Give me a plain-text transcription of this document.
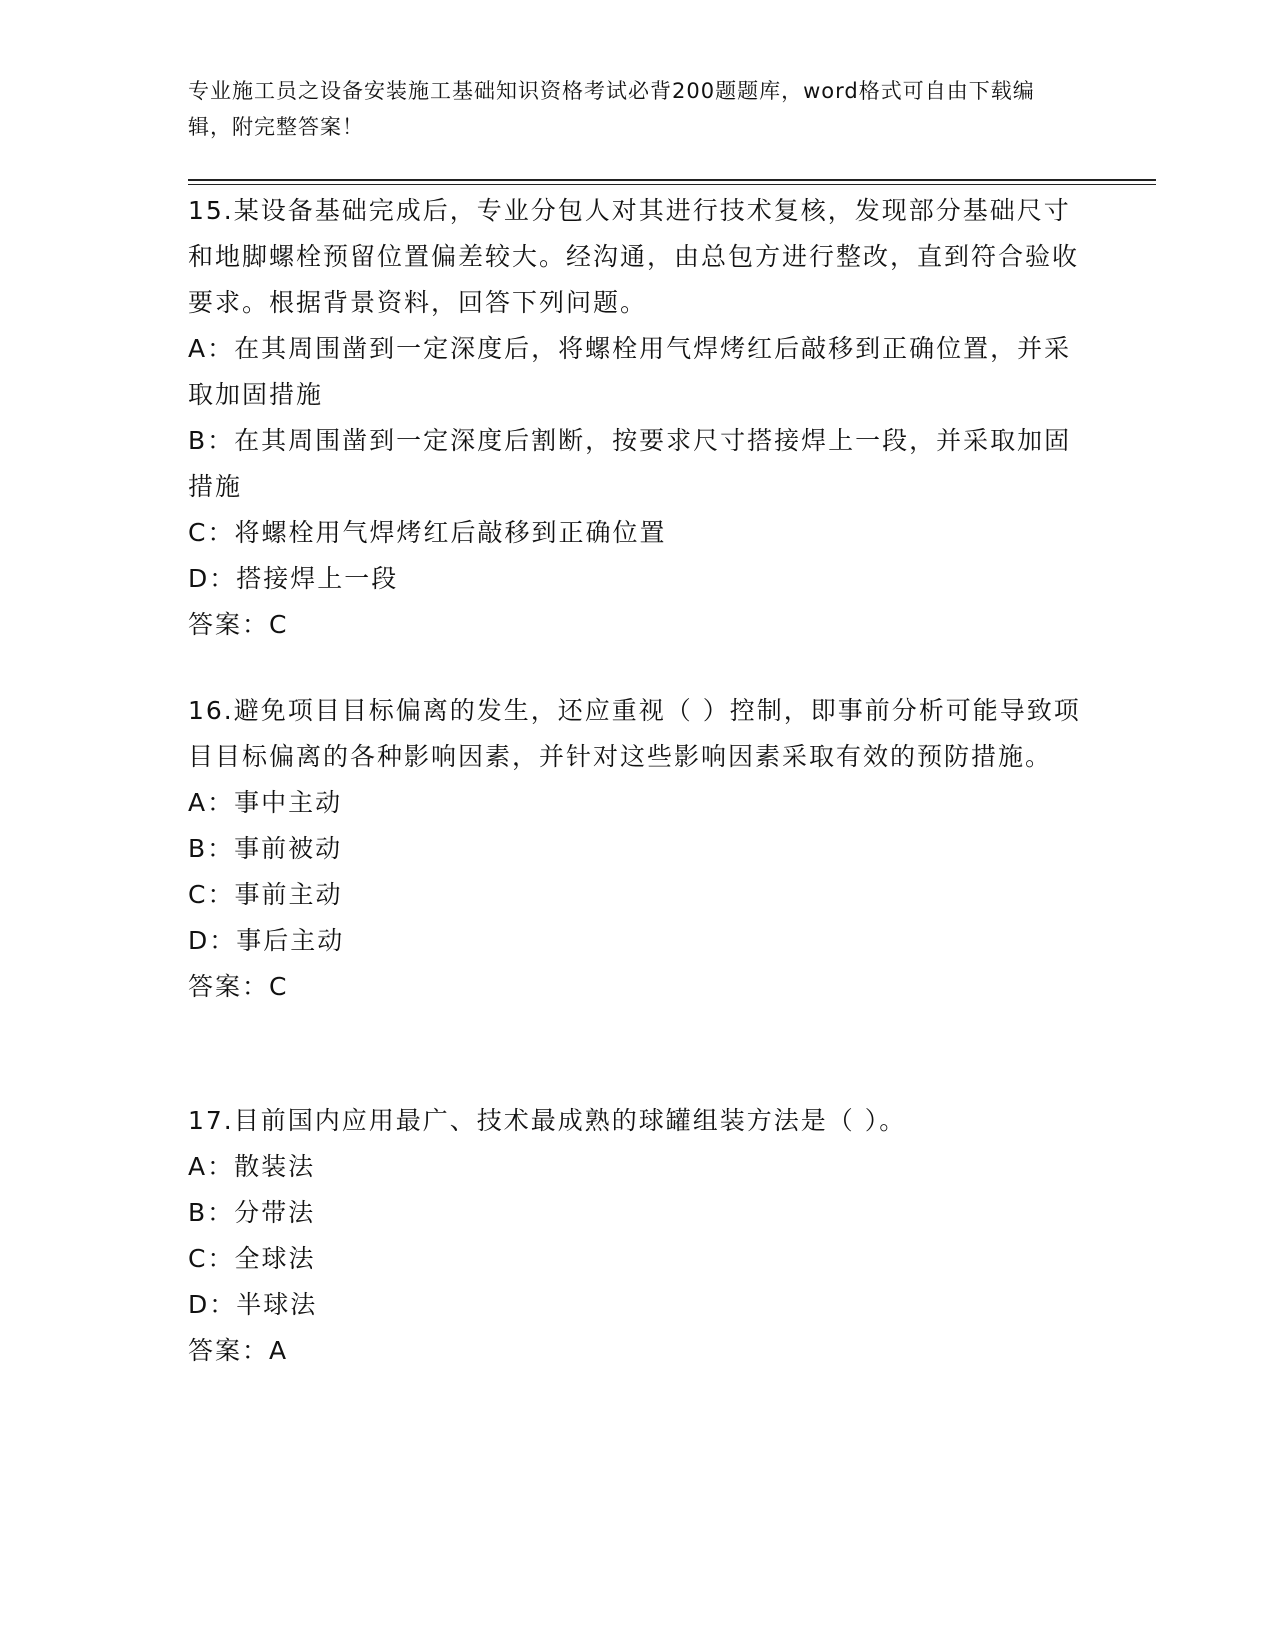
专业施工员之设备安装施工基础知识资格考试必背200题题库，word格式可自由下载编辑，附完整答案！

15.某设备基础完成后，专业分包人对其进行技术复核，发现部分基础尺寸和地脚螺栓预留位置偏差较大。经沟通，由总包方进行整改，直到符合验收要求。根据背景资料，回答下列问题。

A：在其周围凿到一定深度后，将螺栓用气焊烤红后敲移到正确位置，并采取加固措施

B：在其周围凿到一定深度后割断，按要求尺寸搭接焊上一段，并采取加固措施

C：将螺栓用气焊烤红后敲移到正确位置

D：搭接焊上一段

答案：C

16.避免项目目标偏离的发生，还应重视（ ）控制，即事前分析可能导致项目目标偏离的各种影响因素，并针对这些影响因素采取有效的预防措施。

A：事中主动

B：事前被动

C：事前主动

D：事后主动

答案：C

17.目前国内应用最广、技术最成熟的球罐组装方法是（ ）。

A：散装法

B：分带法

C：全球法

D：半球法

答案：A
